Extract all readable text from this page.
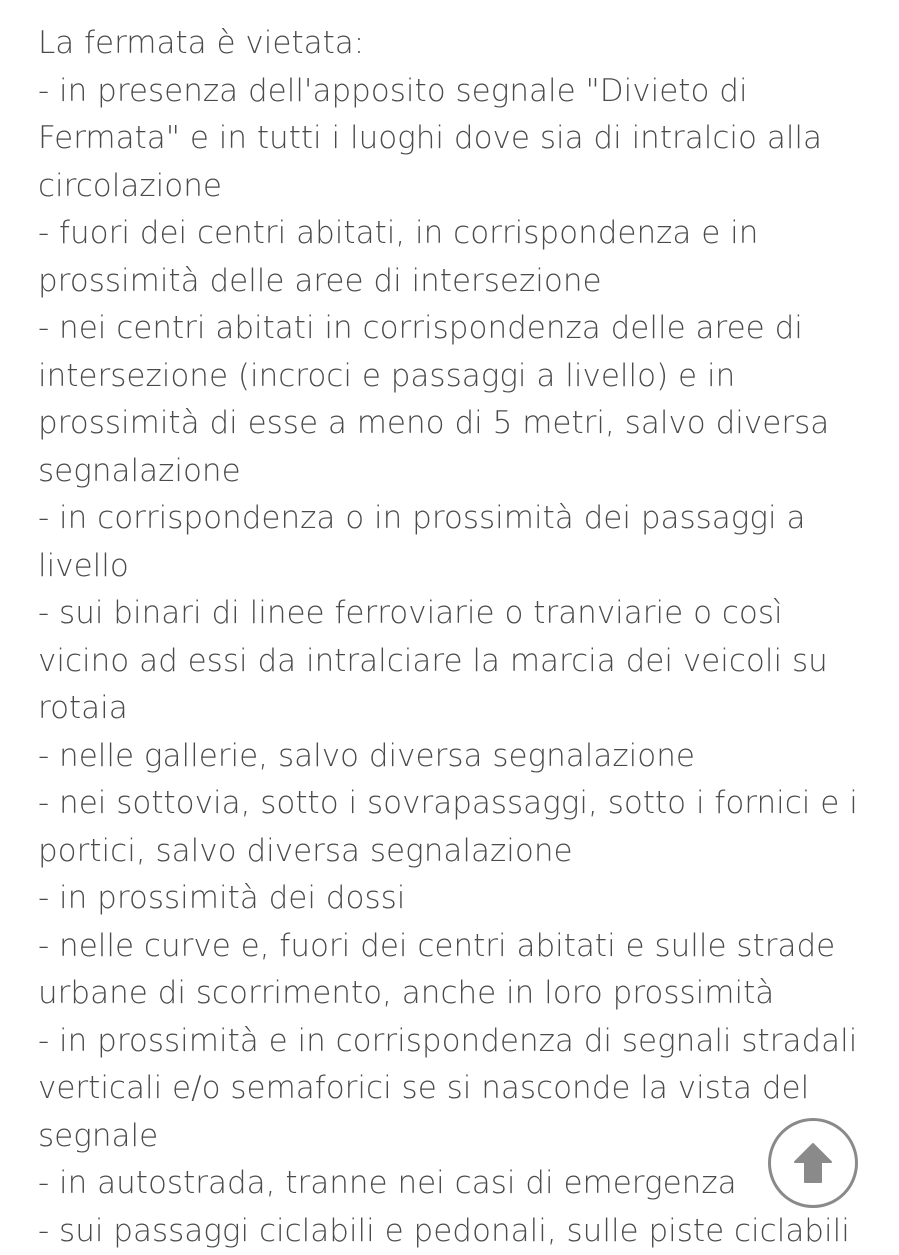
La fermata è vietata:
- in presenza dell'apposito segnale "Divieto di
Fermata" e in tutti i luoghi dove sia di intralcio alla
circolazione
- fuori dei centri abitati, in corrispondenza e in
prossimità delle aree di intersezione
- nei centri abitati in corrispondenza delle aree di
intersezione (incroci e passaggi a livello) e in
prossimità di esse a meno di 5 metri, salvo diversa
segnalazione
- in corrispondenza o in prossimità dei passaggi a
livello
- sui binari di linee ferroviarie o tranviarie o così
vicino ad essi da intralciare la marcia dei veicoli su
rotaia
- nelle gallerie, salvo diversa segnalazione
- nei sottovia, sotto i sovrapassaggi, sotto i fornici e i
portici, salvo diversa segnalazione
- in prossimità dei dossi
- nelle curve e, fuori dei centri abitati e sulle strade
urbane di scorrimento, anche in loro prossimità
- in prossimità e in corrispondenza di segnali stradali
verticali e/o semaforici se si nasconde la vista del
segnale
- in autostrada, tranne nei casi di emergenza
- sui passaggi ciclabili e pedonali, sulle piste ciclabili
